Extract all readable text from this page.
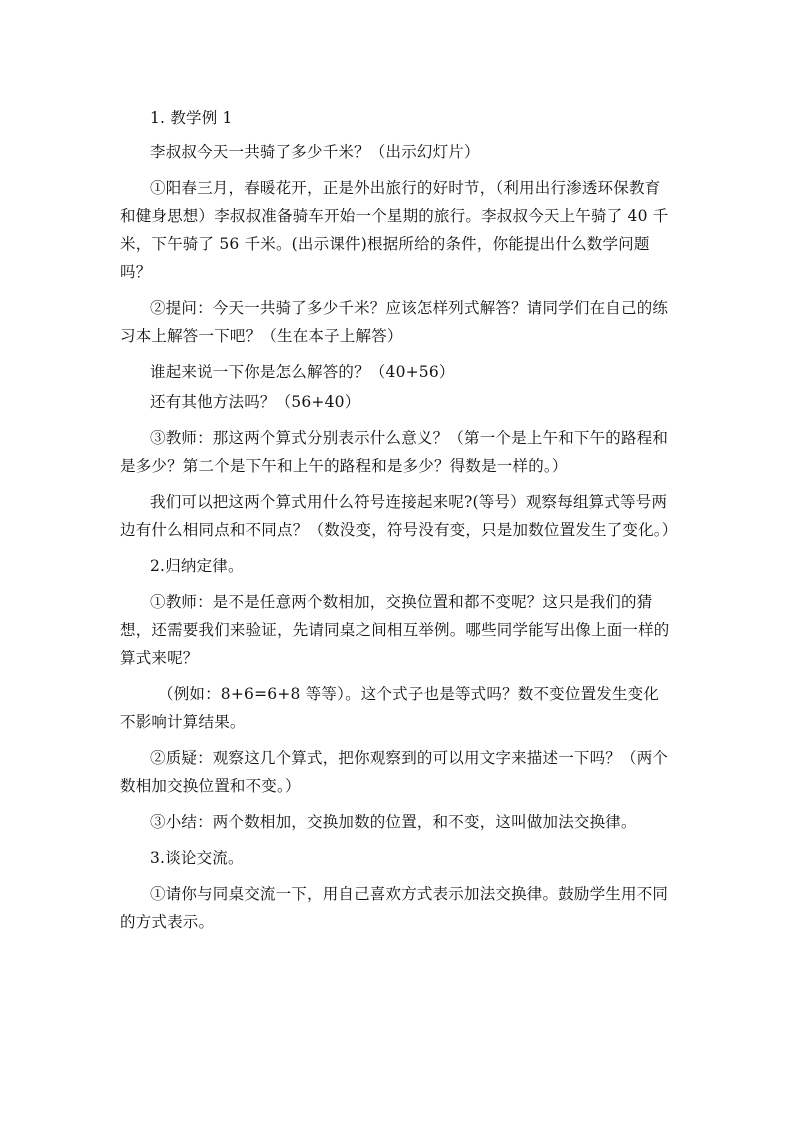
1. 教学例 1

李叔叔今天一共骑了多少千米？（出示幻灯片）

①阳春三月，春暖花开，正是外出旅行的好时节，（利用出行渗透环保教育和健身思想）李叔叔准备骑车开始一个星期的旅行。李叔叔今天上午骑了 40 千米，下午骑了 56 千米。(出示课件)根据所给的条件，你能提出什么数学问题吗？

②提问：今天一共骑了多少千米？应该怎样列式解答？请同学们在自己的练习本上解答一下吧？（生在本子上解答）

谁起来说一下你是怎么解答的？（40+56）

还有其他方法吗？（56+40）

③教师：那这两个算式分别表示什么意义？（第一个是上午和下午的路程和是多少？第二个是下午和上午的路程和是多少？得数是一样的。）

我们可以把这两个算式用什么符号连接起来呢?(等号）观察每组算式等号两边有什么相同点和不同点？（数没变，符号没有变，只是加数位置发生了变化。）

2.归纳定律。

①教师：是不是任意两个数相加，交换位置和都不变呢？这只是我们的猜想，还需要我们来验证，先请同桌之间相互举例。哪些同学能写出像上面一样的算式来呢？

（例如：8+6=6+8 等等）。这个式子也是等式吗？数不变位置发生变化不影响计算结果。

②质疑：观察这几个算式，把你观察到的可以用文字来描述一下吗？（两个数相加交换位置和不变。）

③小结：两个数相加，交换加数的位置，和不变，这叫做加法交换律。

3.谈论交流。

①请你与同桌交流一下，用自己喜欢方式表示加法交换律。鼓励学生用不同的方式表示。
